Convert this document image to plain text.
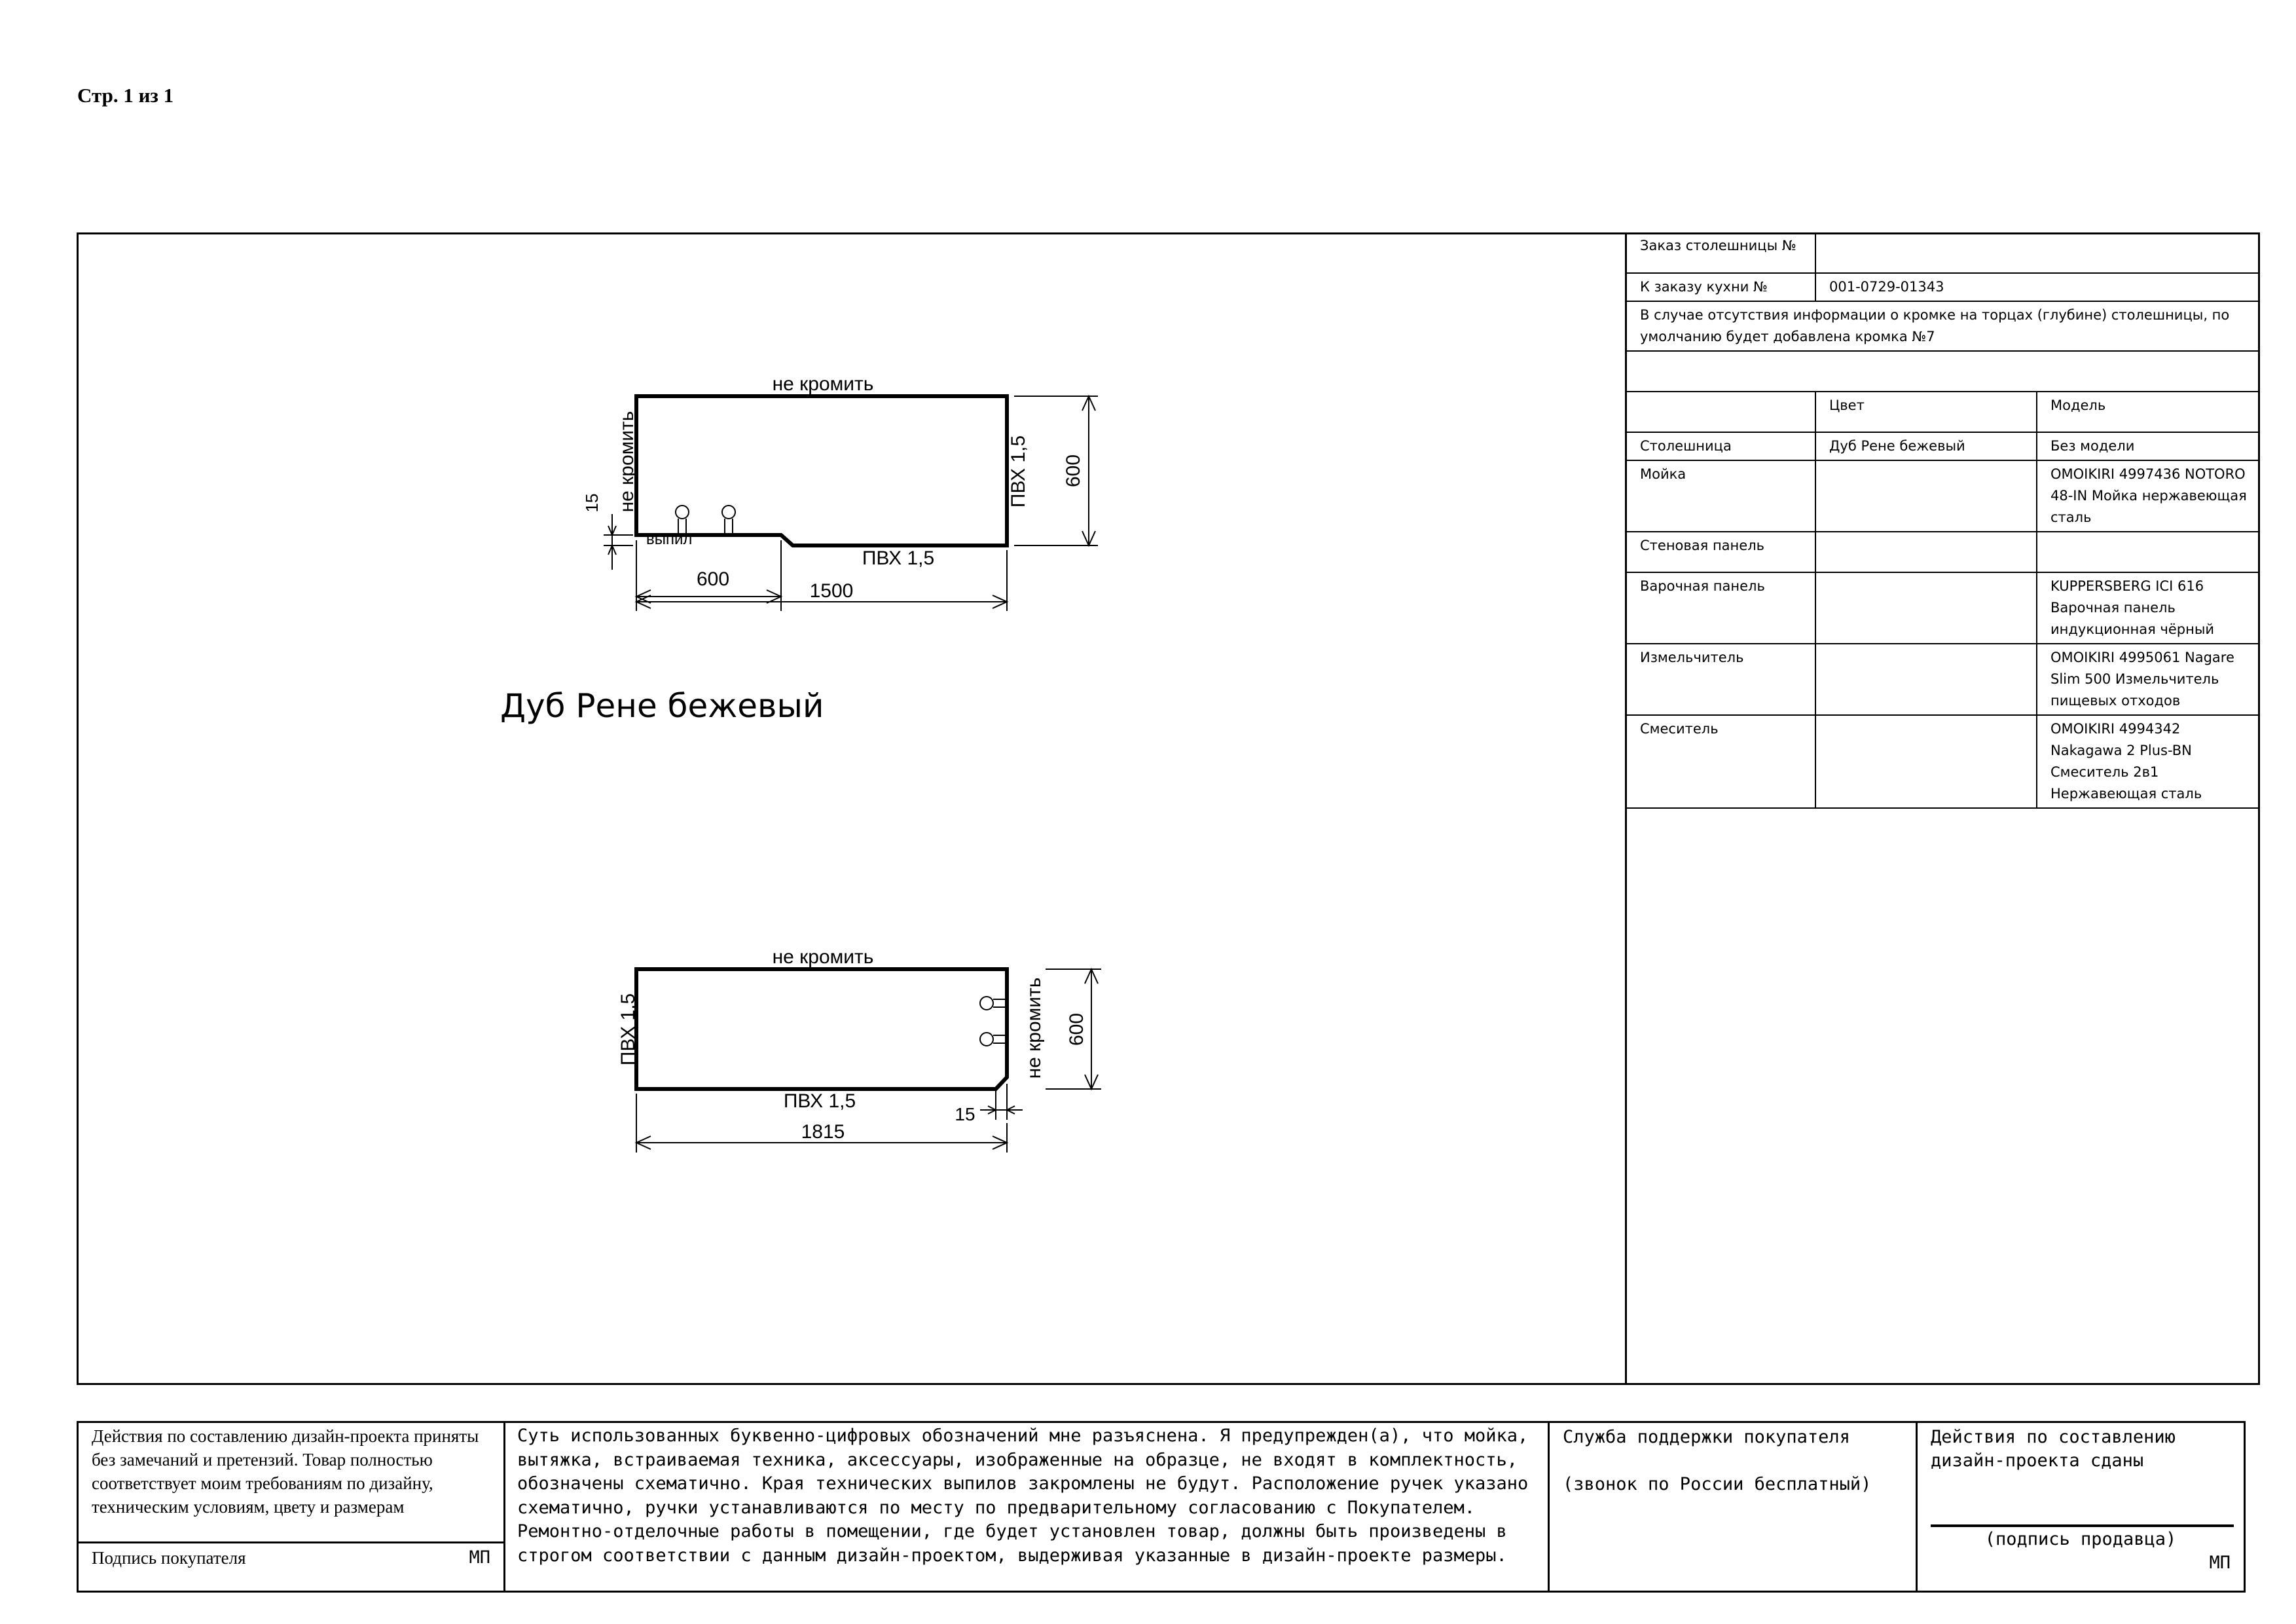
Стр. 1 из 1
не кромить
не кромить	ПВХ 1,5
ПВХ 1,5
выпил
600
15
600
1500
Дуб Рене бежевый
не кромить
ПВХ 1,5	не кромить
ПВХ 1,5
600
15
1815
Заказ столешницы №		
К заказу кухни №	001-0729-01343	
В случае отсутствия информации о кромке на торцах (глубине) столешницы, по умолчанию будет добавлена кромка №7		

	Цвет	Модель
Столешница	Дуб Рене бежевый	Без модели
Мойка		OMOIKIRI 4997436 NOTORO 48-IN Мойка нержавеющая сталь
Стеновая панель		
Варочная панель		KUPPERSBERG ICI 616 Варочная панель индукционная чёрный
Измельчитель		OMOIKIRI 4995061 Nagare Slim 500 Измельчитель пищевых отходов
Смеситель		OMOIKIRI 4994342 Nakagawa 2 Plus-BN Смеситель 2в1 Нержавеющая сталь
Действия по составлению дизайн-проекта приняты без замечаний и претензий. Товар полностью соответствует моим требованиям по дизайну, техническим условиям, цвету и размерам
Подпись покупателя	МП
Суть использованных буквенно-цифровых обозначений мне разъяснена. Я предупрежден(а), что мойка, вытяжка, встраиваемая техника, аксессуары, изображенные на образце, не входят в комплектность, обозначены схематично. Края технических выпилов закромлены не будут. Расположение ручек указано схематично, ручки устанавливаются по месту по предварительному согласованию с Покупателем. Ремонтно-отделочные работы в помещении, где будет установлен товар, должны быть произведены в строгом соответствии с данным дизайн-проектом, выдерживая указанные в дизайн-проекте размеры.
Служба поддержки покупателя
(звонок по России бесплатный)
Действия по составлению дизайн-проекта сданы
(подпись продавца)
МП
